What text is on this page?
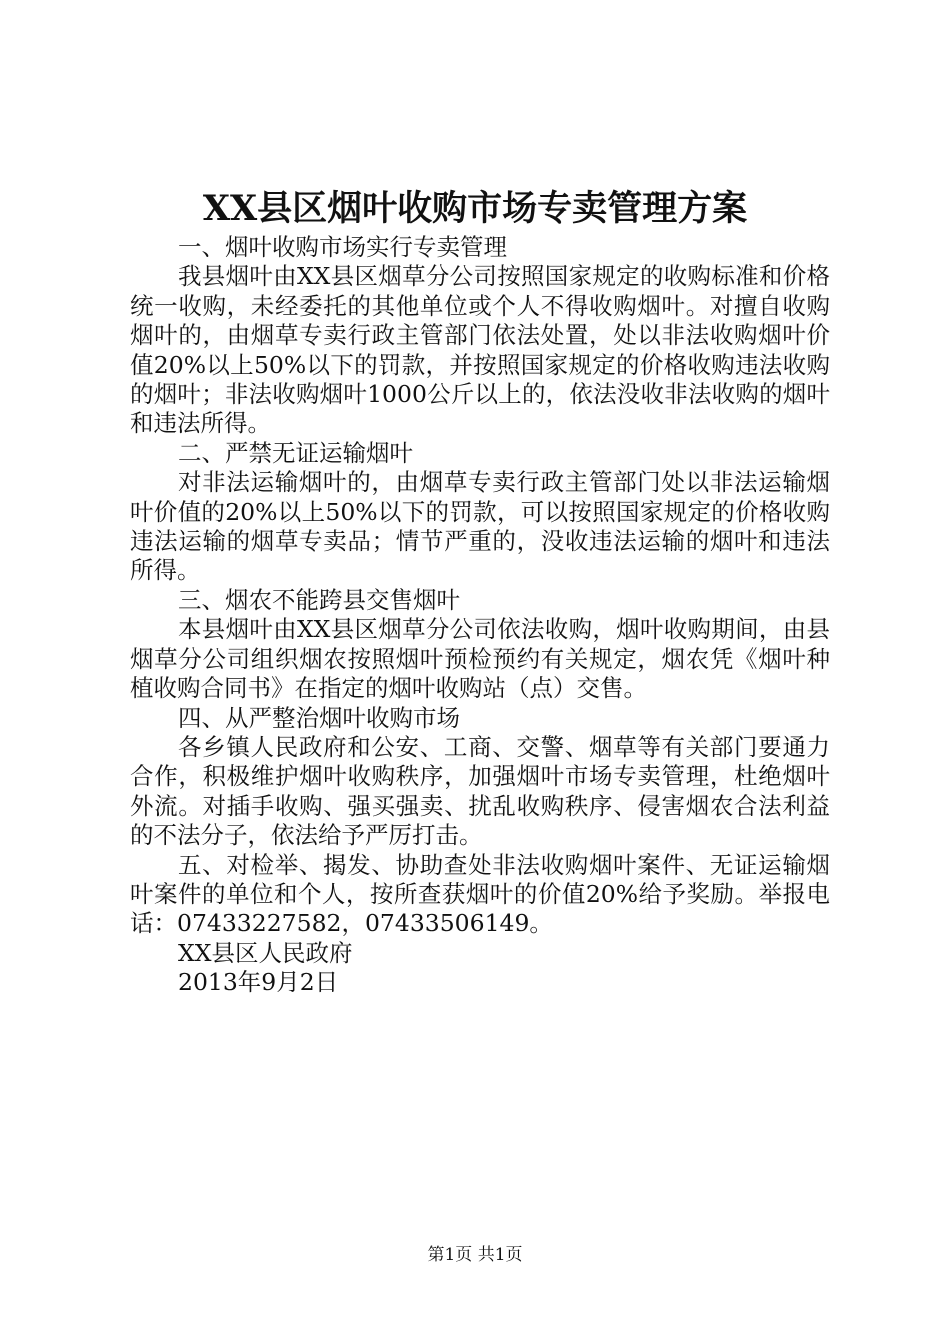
XX县区烟叶收购市场专卖管理方案

一、烟叶收购市场实行专卖管理

我县烟叶由XX县区烟草分公司按照国家规定的收购标准和价格统一收购，未经委托的其他单位或个人不得收购烟叶。对擅自收购烟叶的，由烟草专卖行政主管部门依法处置，处以非法收购烟叶价值20%以上50%以下的罚款，并按照国家规定的价格收购违法收购的烟叶；非法收购烟叶1000公斤以上的，依法没收非法收购的烟叶和违法所得。

二、严禁无证运输烟叶

对非法运输烟叶的，由烟草专卖行政主管部门处以非法运输烟叶价值的20%以上50%以下的罚款，可以按照国家规定的价格收购违法运输的烟草专卖品；情节严重的，没收违法运输的烟叶和违法所得。

三、烟农不能跨县交售烟叶

本县烟叶由XX县区烟草分公司依法收购，烟叶收购期间，由县烟草分公司组织烟农按照烟叶预检预约有关规定，烟农凭《烟叶种植收购合同书》在指定的烟叶收购站（点）交售。

四、从严整治烟叶收购市场

各乡镇人民政府和公安、工商、交警、烟草等有关部门要通力合作，积极维护烟叶收购秩序，加强烟叶市场专卖管理，杜绝烟叶外流。对插手收购、强买强卖、扰乱收购秩序、侵害烟农合法利益的不法分子，依法给予严厉打击。

五、对检举、揭发、协助查处非法收购烟叶案件、无证运输烟叶案件的单位和个人，按所查获烟叶的价值20%给予奖励。举报电话：07433227582，07433506149。

XX县区人民政府

2013年9月2日

第1页 共1页
